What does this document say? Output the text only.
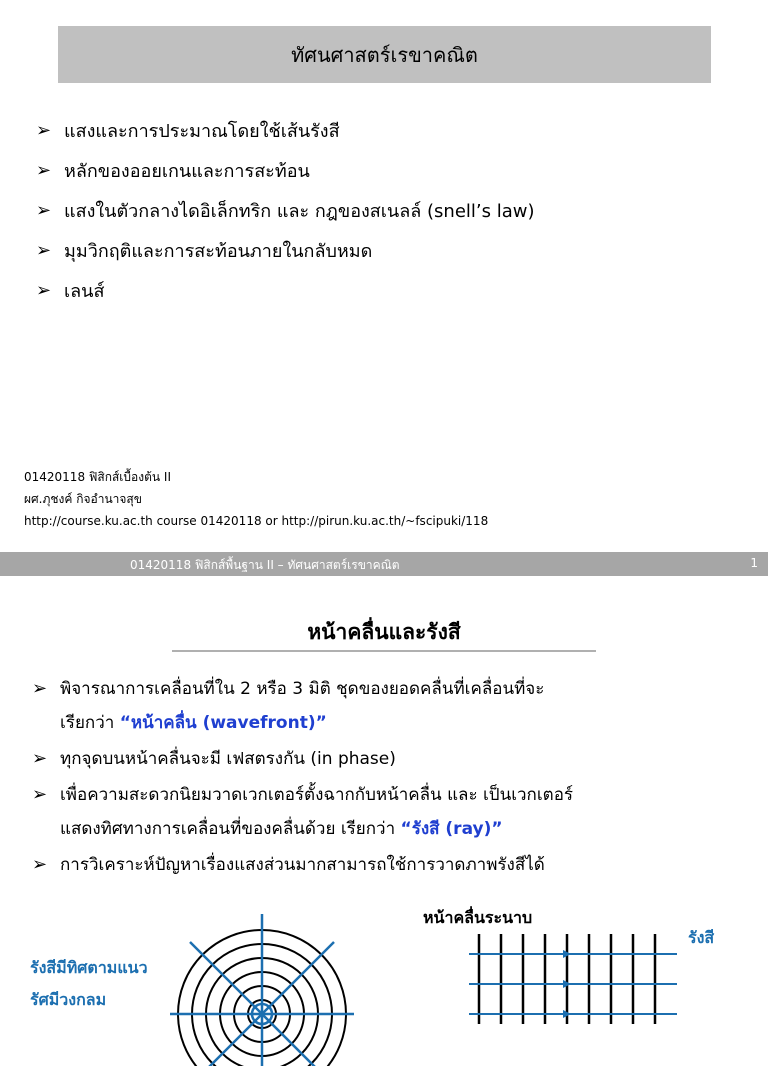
ทัศนศาสตร์เรขาคณิต
➢ แสงและการประมาณโดยใช้เส้นรังสี
➢ หลักของออยเกนและการสะท้อน
➢ แสงในตัวกลางไดอิเล็กทริก และ กฎของสเนลล์ (snell’s law)
➢ มุมวิกฤติและการสะท้อนภายในกลับหมด
➢ เลนส์
01420118 ฟิสิกส์เบื้องต้น II
ผศ.ภุชงค์ กิจอำนาจสุข
http://course.ku.ac.th course 01420118 or http://pirun.ku.ac.th/~fscipuki/118
01420118 ฟิสิกส์พื้นฐาน II – ทัศนศาสตร์เรขาคณิต	1
หน้าคลื่นและรังสี
➢ พิจารณาการเคลื่อนที่ใน 2 หรือ 3 มิติ ชุดของยอดคลื่นที่เคลื่อนที่จะ
เรียกว่า “หน้าคลื่น (wavefront)”
➢ ทุกจุดบนหน้าคลื่นจะมี เฟสตรงกัน (in phase)
➢ เพื่อความสะดวกนิยมวาดเวกเตอร์ตั้งฉากกับหน้าคลื่น และ เป็นเวกเตอร์
แสดงทิศทางการเคลื่อนที่ของคลื่นด้วย เรียกว่า “รังสี (ray)”
➢ การวิเคราะห์ปัญหาเรื่องแสงส่วนมากสามารถใช้การวาดภาพรังสีได้
รังสีมีทิศตามแนว
รัศมีวงกลม
หน้าคลื่นระนาบ
รังสี
